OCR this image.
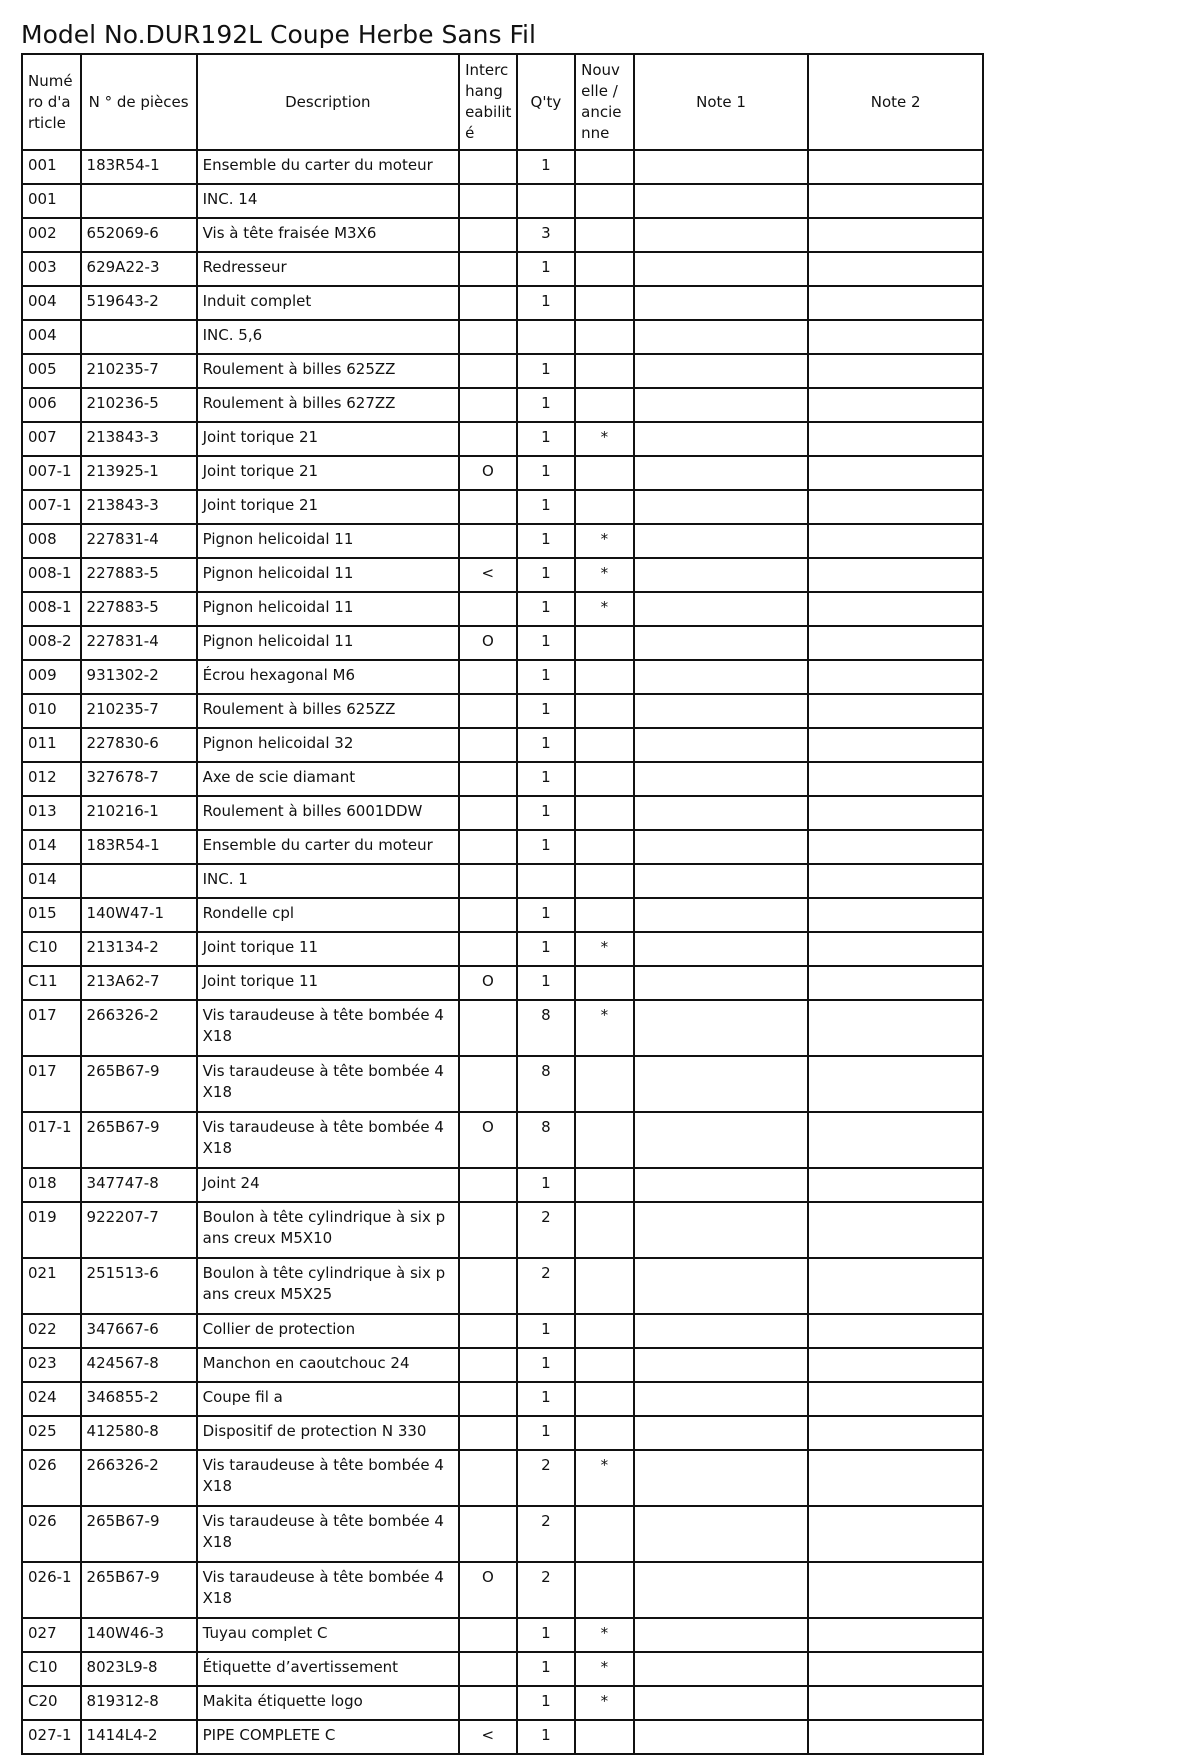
Model No.DUR192L Coupe Herbe Sans Fil
Numé ro d'a rticle	N ° de pièces	Description	Interc hang eabilit é	Q'ty	Nouv elle / ancie nne	Note 1	Note 2
001	183R54-1	Ensemble du carter du moteur		1			
001		INC. 14					
002	652069-6	Vis à tête fraisée M3X6		3			
003	629A22-3	Redresseur		1			
004	519643-2	Induit complet		1			
004		INC. 5,6					
005	210235-7	Roulement à billes 625ZZ		1			
006	210236-5	Roulement à billes 627ZZ		1			
007	213843-3	Joint torique 21		1	*		
007-1	213925-1	Joint torique 21	O	1			
007-1	213843-3	Joint torique 21		1			
008	227831-4	Pignon helicoidal 11		1	*		
008-1	227883-5	Pignon helicoidal 11	<	1	*		
008-1	227883-5	Pignon helicoidal 11		1	*		
008-2	227831-4	Pignon helicoidal 11	O	1			
009	931302-2	Écrou hexagonal M6		1			
010	210235-7	Roulement à billes 625ZZ		1			
011	227830-6	Pignon helicoidal 32		1			
012	327678-7	Axe de scie diamant		1			
013	210216-1	Roulement à billes 6001DDW		1			
014	183R54-1	Ensemble du carter du moteur		1			
014		INC. 1					
015	140W47-1	Rondelle cpl		1			
C10	213134-2	Joint torique 11		1	*		
C11	213A62-7	Joint torique 11	O	1			
017	266326-2	Vis taraudeuse à tête bombée 4X18		8	*		
017	265B67-9	Vis taraudeuse à tête bombée 4X18		8			
017-1	265B67-9	Vis taraudeuse à tête bombée 4X18	O	8			
018	347747-8	Joint 24		1			
019	922207-7	Boulon à tête cylindrique à six pans creux M5X10		2			
021	251513-6	Boulon à tête cylindrique à six pans creux M5X25		2			
022	347667-6	Collier de protection		1			
023	424567-8	Manchon en caoutchouc 24		1			
024	346855-2	Coupe fil a		1			
025	412580-8	Dispositif de protection N 330		1			
026	266326-2	Vis taraudeuse à tête bombée 4X18		2	*		
026	265B67-9	Vis taraudeuse à tête bombée 4X18		2			
026-1	265B67-9	Vis taraudeuse à tête bombée 4X18	O	2			
027	140W46-3	Tuyau complet C		1	*		
C10	8023L9-8	Étiquette d’avertissement		1	*		
C20	819312-8	Makita étiquette logo		1	*		
027-1	1414L4-2	PIPE COMPLETE C	<	1			
